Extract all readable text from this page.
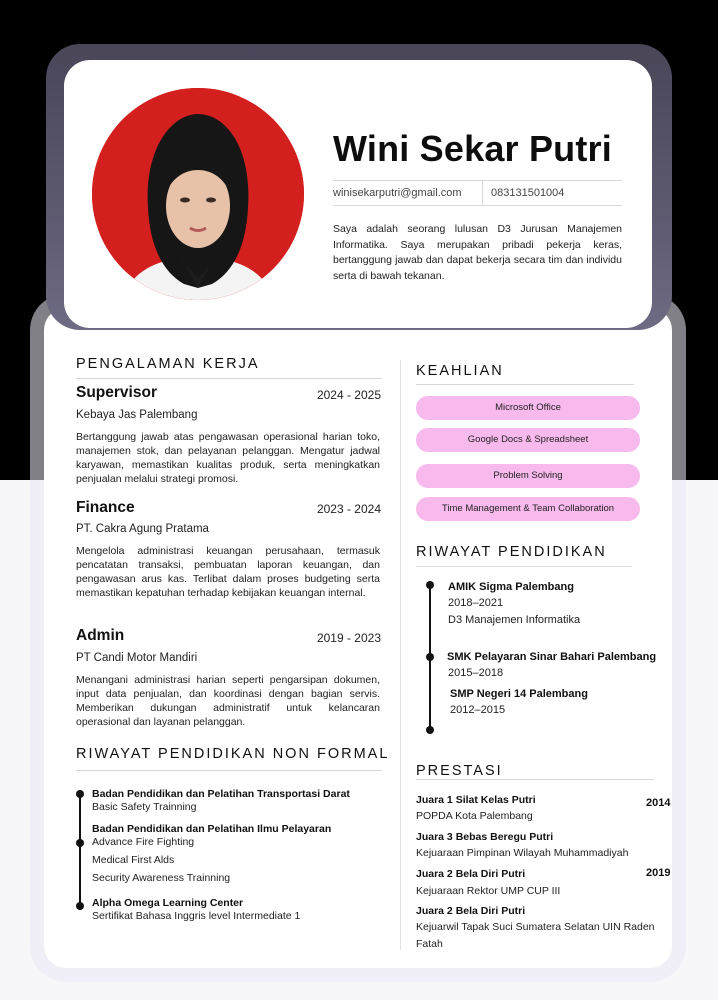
Wini Sekar Putri
winisekarputri@gmail.com	083131501004
Saya adalah seorang lulusan D3 Jurusan Manajemen Informatika. Saya merupakan pribadi pekerja keras, bertanggung jawab dan dapat bekerja secara tim dan individu serta di bawah tekanan.
PENGALAMAN KERJA
Supervisor	2024 - 2025
Kebaya Jas Palembang
Bertanggung jawab atas pengawasan operasional harian toko, manajemen stok, dan pelayanan pelanggan. Mengatur jadwal karyawan, memastikan kualitas produk, serta meningkatkan penjualan melalui strategi promosi.
Finance	2023 - 2024
PT. Cakra Agung Pratama
Mengelola administrasi keuangan perusahaan, termasuk pencatatan transaksi, pembuatan laporan keuangan, dan pengawasan arus kas. Terlibat dalam proses budgeting serta memastikan kepatuhan terhadap kebijakan keuangan internal.
Admin	2019 - 2023
PT Candi Motor Mandiri
Menangani administrasi harian seperti pengarsipan dokumen, input data penjualan, dan koordinasi dengan bagian servis. Memberikan dukungan administratif untuk kelancaran operasional dan layanan pelanggan.
RIWAYAT PENDIDIKAN NON FORMAL
Badan Pendidikan dan Pelatihan Transportasi Darat
Basic Safety Trainning
Badan Pendidikan dan Pelatihan Ilmu Pelayaran
Advance Fire Fighting
Medical First Alds
Security Awareness Trainning
Alpha Omega Learning Center
Sertifikat Bahasa Inggris level Intermediate 1
KEAHLIAN
Microsoft Office
Google Docs & Spreadsheet
Problem Solving
Time Management & Team Collaboration
RIWAYAT PENDIDIKAN
AMIK Sigma Palembang
2018–2021
D3 Manajemen Informatika
SMK Pelayaran Sinar Bahari Palembang
2015–2018
SMP Negeri 14 Palembang
2012–2015
PRESTASI
Juara 1 Silat Kelas Putri
POPDA Kota Palembang
2014
Juara 3 Bebas Beregu Putri
Kejuaraan Pimpinan Wilayah Muhammadiyah
Juara 2 Bela Diri Putri
Kejuaraan Rektor UMP CUP III
2019
Juara 2 Bela Diri Putri
Kejuarwil Tapak Suci Sumatera Selatan UIN Raden
Fatah
